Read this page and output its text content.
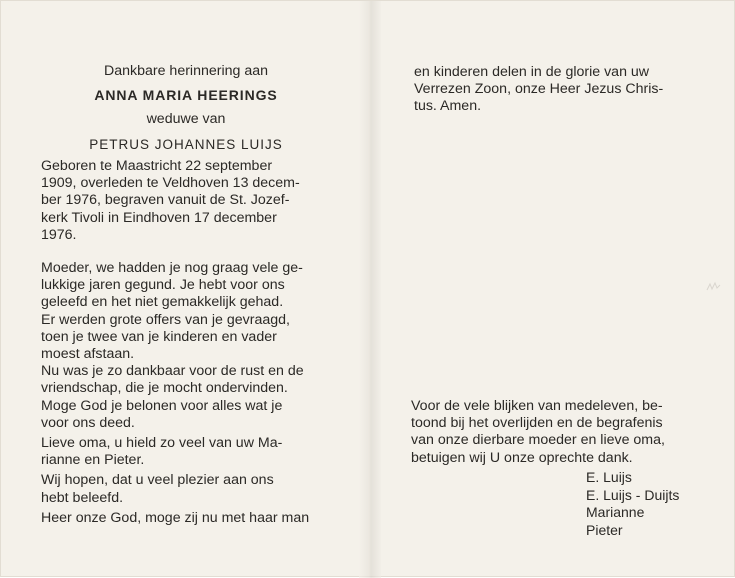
Dankbare herinnering aan
ANNA MARIA HEERINGS
weduwe van
PETRUS JOHANNES LUIJS
Geboren te Maastricht 22 september
1909, overleden te Veldhoven 13 decem-
ber 1976, begraven vanuit de St. Jozef-
kerk Tivoli in Eindhoven 17 december
1976.
Moeder, we hadden je nog graag vele ge-
lukkige jaren gegund. Je hebt voor ons
geleefd en het niet gemakkelijk gehad.
Er werden grote offers van je gevraagd,
toen je twee van je kinderen en vader
moest afstaan.
Nu was je zo dankbaar voor de rust en de
vriendschap, die je mocht ondervinden.
Moge God je belonen voor alles wat je
voor ons deed.
Lieve oma, u hield zo veel van uw Ma-
rianne en Pieter.
Wij hopen, dat u veel plezier aan ons
hebt beleefd.
Heer onze God, moge zij nu met haar man
en kinderen delen in de glorie van uw
Verrezen Zoon, onze Heer Jezus Chris-
tus. Amen.
Voor de vele blijken van medeleven, be-
toond bij het overlijden en de begrafenis
van onze dierbare moeder en lieve oma,
betuigen wij U onze oprechte dank.
E. Luijs
E. Luijs - Duijts
Marianne
Pieter
